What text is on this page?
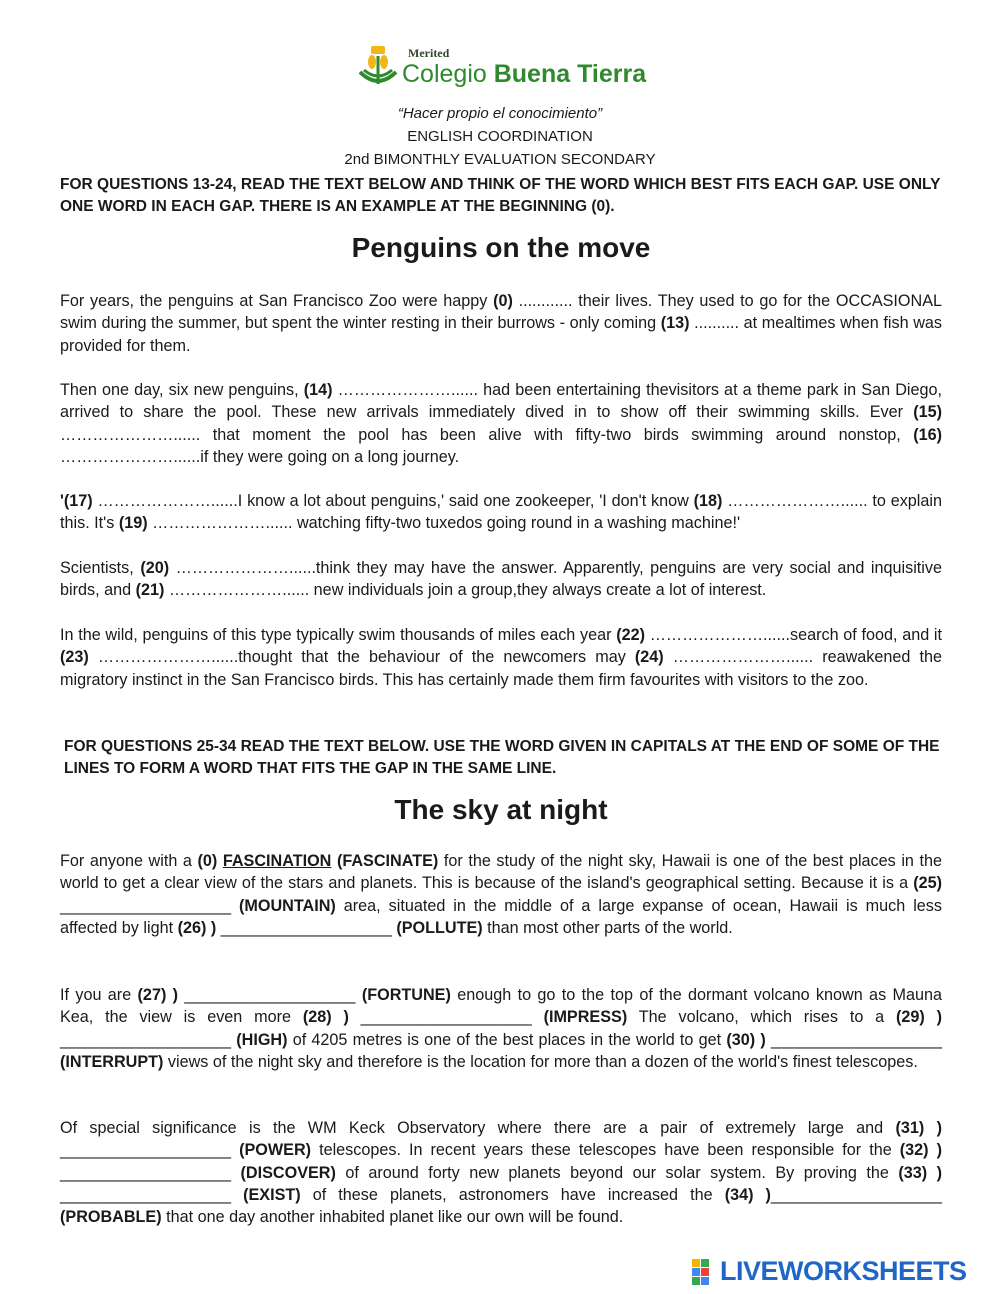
Merited
Colegio Buena Tierra
“Hacer propio el conocimiento”
ENGLISH COORDINATION
2nd BIMONTHLY EVALUATION SECONDARY
FOR QUESTIONS 13-24, READ THE TEXT BELOW AND THINK OF THE WORD WHICH BEST FITS EACH GAP. USE ONLY ONE WORD IN EACH GAP. THERE IS AN EXAMPLE AT THE BEGINNING (0).
Penguins on the move
For years, the penguins at San Francisco Zoo were happy (0) ............ their lives. They used to go for the OCCASIONAL swim during the summer, but spent the winter resting in their burrows - only coming (13) .......... at mealtimes when fish was provided for them.
Then one day, six new penguins, (14) …………………...... had been entertaining thevisitors at a theme park in San Diego, arrived to share the pool. These new arrivals immediately dived in to show off their swimming skills. Ever (15) …………………...... that moment the pool has been alive with fifty-two birds swimming around nonstop, (16) …………………......if they were going on a long journey.
'(17) …………………......I know a lot about penguins,' said one zookeeper, 'I don't know (18) …………………...... to explain this. It's (19) …………………...... watching fifty-two tuxedos going round in a washing machine!'
Scientists, (20) …………………......think they may have the answer. Apparently, penguins are very social and inquisitive birds, and (21) …………………...... new individuals join a group,they always create a lot of interest.
In the wild, penguins of this type typically swim thousands of miles each year (22) …………………......search of food, and it (23) …………………......thought that the behaviour of the newcomers may (24) …………………...... reawakened the migratory instinct in the San Francisco birds. This has certainly made them firm favourites with visitors to the zoo.
FOR QUESTIONS 25-34 READ THE TEXT BELOW. USE THE WORD GIVEN IN CAPITALS AT THE END OF SOME OF THE LINES TO FORM A WORD THAT FITS THE GAP IN THE SAME LINE.
The sky at night
For anyone with a (0) FASCINATION (FASCINATE) for the study of the night sky, Hawaii is one of the best places in the world to get a clear view of the stars and planets. This is because of the island's geographical setting. Because it is a (25) ___________________ (MOUNTAIN) area, situated in the middle of a large expanse of ocean, Hawaii is much less affected by light (26) ) ___________________ (POLLUTE) than most other parts of the world.
If you are (27) ) ___________________ (FORTUNE) enough to go to the top of the dormant volcano known as Mauna Kea, the view is even more (28) ) ___________________ (IMPRESS) The volcano, which rises to a (29) ) ___________________ (HIGH) of 4205 metres is one of the best places in the world to get (30) ) ___________________ (INTERRUPT) views of the night sky and therefore is the location for more than a dozen of the world's finest telescopes.
Of special significance is the WM Keck Observatory where there are a pair of extremely large and (31) ) ___________________ (POWER) telescopes. In recent years these telescopes have been responsible for the (32) ) ___________________ (DISCOVER) of around forty new planets beyond our solar system. By proving the (33) ) ___________________ (EXIST) of these planets, astronomers have increased the (34) )___________________ (PROBABLE) that one day another inhabited planet like our own will be found.
LIVEWORKSHEETS
